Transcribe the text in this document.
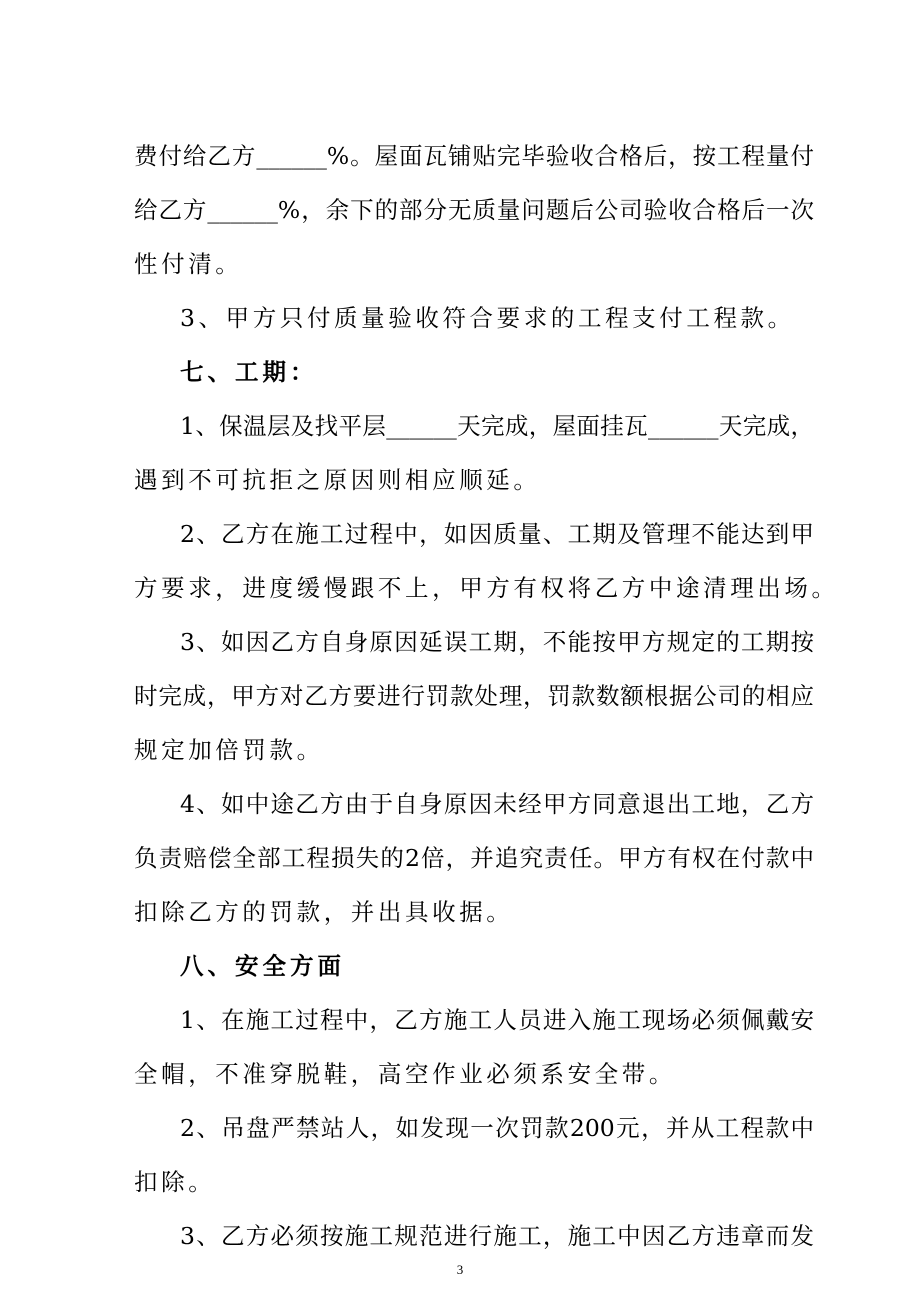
费付给乙方______%。屋面瓦铺贴完毕验收合格后，按工程量付
给乙方______%，余下的部分无质量问题后公司验收合格后一次
性付清。
3、甲方只付质量验收符合要求的工程支付工程款。
七、工期：
1、保温层及找平层______天完成，屋面挂瓦______天完成，
遇到不可抗拒之原因则相应顺延。
2、乙方在施工过程中，如因质量、工期及管理不能达到甲
方要求，进度缓慢跟不上，甲方有权将乙方中途清理出场。
3、如因乙方自身原因延误工期，不能按甲方规定的工期按
时完成，甲方对乙方要进行罚款处理，罚款数额根据公司的相应
规定加倍罚款。
4、如中途乙方由于自身原因未经甲方同意退出工地，乙方
负责赔偿全部工程损失的2倍，并追究责任。甲方有权在付款中
扣除乙方的罚款，并出具收据。
八、安全方面
1、在施工过程中，乙方施工人员进入施工现场必须佩戴安
全帽，不准穿脱鞋，高空作业必须系安全带。
2、吊盘严禁站人，如发现一次罚款200元，并从工程款中
扣除。
3、乙方必须按施工规范进行施工，施工中因乙方违章而发
3
